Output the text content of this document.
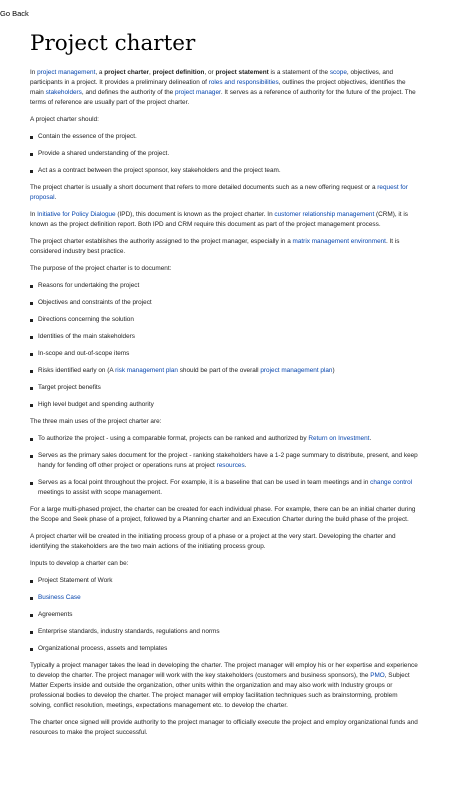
Go Back
Project charter

In project management, a project charter, project definition, or project statement is a statement of the scope, objectives, and participants in a project. It provides a preliminary delineation of roles and responsibilities, outlines the project objectives, identifies the main stakeholders, and defines the authority of the project manager. It serves as a reference of authority for the future of the project. The terms of reference are usually part of the project charter.

A project charter should:

Contain the essence of the project.
Provide a shared understanding of the project.
Act as a contract between the project sponsor, key stakeholders and the project team.

The project charter is usually a short document that refers to more detailed documents such as a new offering request or a request for proposal.

In Initiative for Policy Dialogue (IPD), this document is known as the project charter. In customer relationship management (CRM), it is known as the project definition report. Both IPD and CRM require this document as part of the project management process.

The project charter establishes the authority assigned to the project manager, especially in a matrix management environment. It is considered industry best practice.

The purpose of the project charter is to document:

Reasons for undertaking the project
Objectives and constraints of the project
Directions concerning the solution
Identities of the main stakeholders
In-scope and out-of-scope items
Risks identified early on (A risk management plan should be part of the overall project management plan)
Target project benefits
High level budget and spending authority

The three main uses of the project charter are:

To authorize the project - using a comparable format, projects can be ranked and authorized by Return on Investment.
Serves as the primary sales document for the project - ranking stakeholders have a 1-2 page summary to distribute, present, and keep handy for fending off other project or operations runs at project resources.
Serves as a focal point throughout the project. For example, it is a baseline that can be used in team meetings and in change control meetings to assist with scope management.

For a large multi-phased project, the charter can be created for each individual phase. For example, there can be an initial charter during the Scope and Seek phase of a project, followed by a Planning charter and an Execution Charter during the build phase of the project.

A project charter will be created in the initiating process group of a phase or a project at the very start. Developing the charter and identifying the stakeholders are the two main actions of the initiating process group.

Inputs to develop a charter can be:

Project Statement of Work
Business Case
Agreements
Enterprise standards, industry standards, regulations and norms
Organizational process, assets and templates

Typically a project manager takes the lead in developing the charter. The project manager will employ his or her expertise and experience to develop the charter. The project manager will work with the key stakeholders (customers and business sponsors), the PMO, Subject Matter Experts inside and outside the organization, other units within the organization and may also work with Industry groups or professional bodies to develop the charter. The project manager will employ facilitation techniques such as brainstorming, problem solving, conflict resolution, meetings, expectations management etc. to develop the charter.

The charter once signed will provide authority to the project manager to officially execute the project and employ organizational funds and resources to make the project successful.
